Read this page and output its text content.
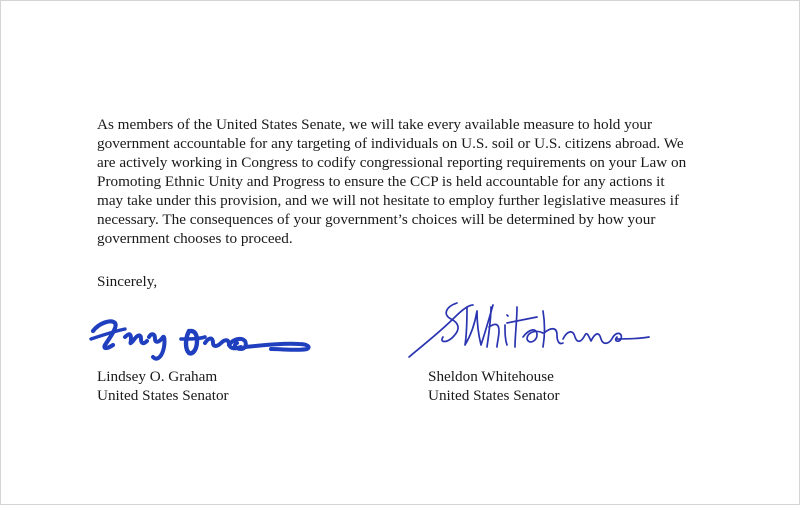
As members of the United States Senate, we will take every available measure to hold your
government accountable for any targeting of individuals on U.S. soil or U.S. citizens abroad. We
are actively working in Congress to codify congressional reporting requirements on your Law on
Promoting Ethnic Unity and Progress to ensure the CCP is held accountable for any actions it
may take under this provision, and we will not hesitate to employ further legislative measures if
necessary. The consequences of your government’s choices will be determined by how your
government chooses to proceed.
Sincerely,
Lindsey O. Graham
United States Senator
Sheldon Whitehouse
United States Senator
